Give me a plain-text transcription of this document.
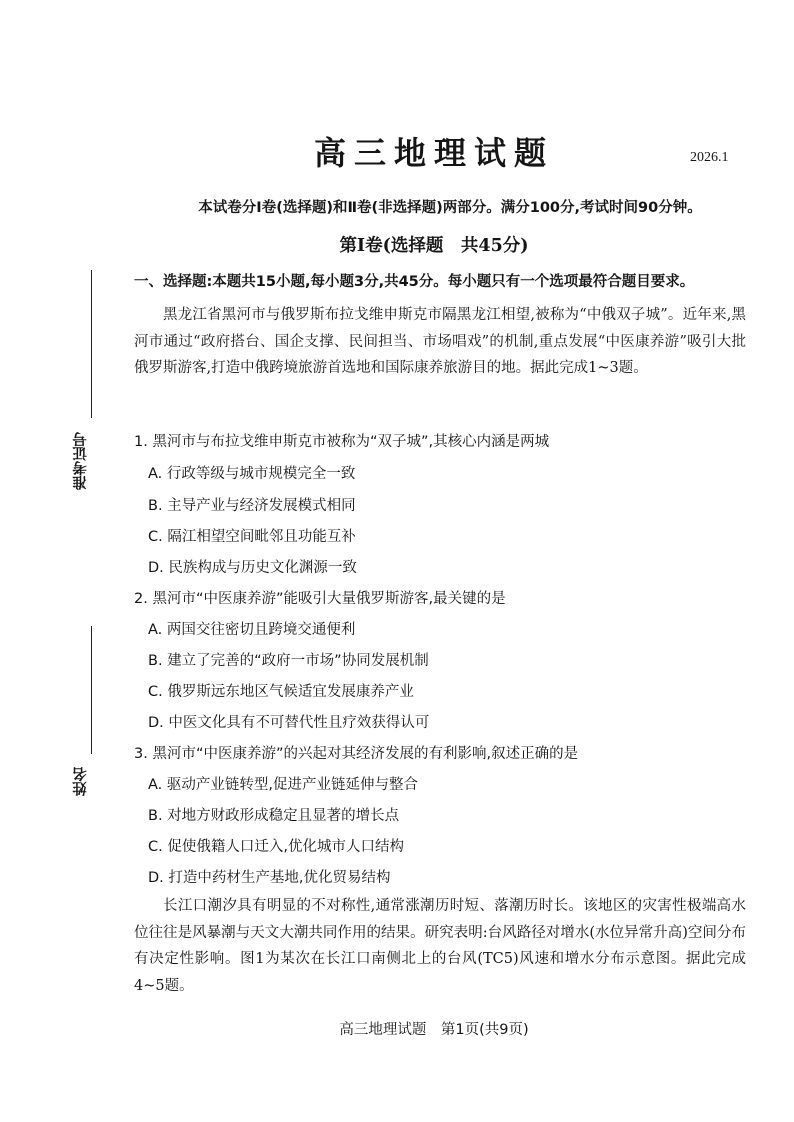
高三地理试题	2026.1
本试卷分Ⅰ卷(选择题)和Ⅱ卷(非选择题)两部分。满分100分,考试时间90分钟。
第Ⅰ卷(选择题　共45分)
准考证号
姓名
一、选择题:本题共15小题,每小题3分,共45分。每小题只有一个选项最符合题目要求。
黑龙江省黑河市与俄罗斯布拉戈维申斯克市隔黑龙江相望,被称为“中俄双子城”。近年来,黑河市通过“政府搭台、国企支撑、民间担当、市场唱戏”的机制,重点发展“中医康养游”吸引大批俄罗斯游客,打造中俄跨境旅游首选地和国际康养旅游目的地。据此完成1~3题。
1. 黑河市与布拉戈维申斯克市被称为“双子城”,其核心内涵是两城
A. 行政等级与城市规模完全一致
B. 主导产业与经济发展模式相同
C. 隔江相望空间毗邻且功能互补
D. 民族构成与历史文化渊源一致
2. 黑河市“中医康养游”能吸引大量俄罗斯游客,最关键的是
A. 两国交往密切且跨境交通便利
B. 建立了完善的“政府一市场”协同发展机制
C. 俄罗斯远东地区气候适宜发展康养产业
D. 中医文化具有不可替代性且疗效获得认可
3. 黑河市“中医康养游”的兴起对其经济发展的有利影响,叙述正确的是
A. 驱动产业链转型,促进产业链延伸与整合
B. 对地方财政形成稳定且显著的增长点
C. 促使俄籍人口迁入,优化城市人口结构
D. 打造中药材生产基地,优化贸易结构
长江口潮汐具有明显的不对称性,通常涨潮历时短、落潮历时长。该地区的灾害性极端高水位往往是风暴潮与天文大潮共同作用的结果。研究表明:台风路径对增水(水位异常升高)空间分布有决定性影响。图1为某次在长江口南侧北上的台风(TC5)风速和增水分布示意图。据此完成4~5题。
高三地理试题　第1页(共9页)
